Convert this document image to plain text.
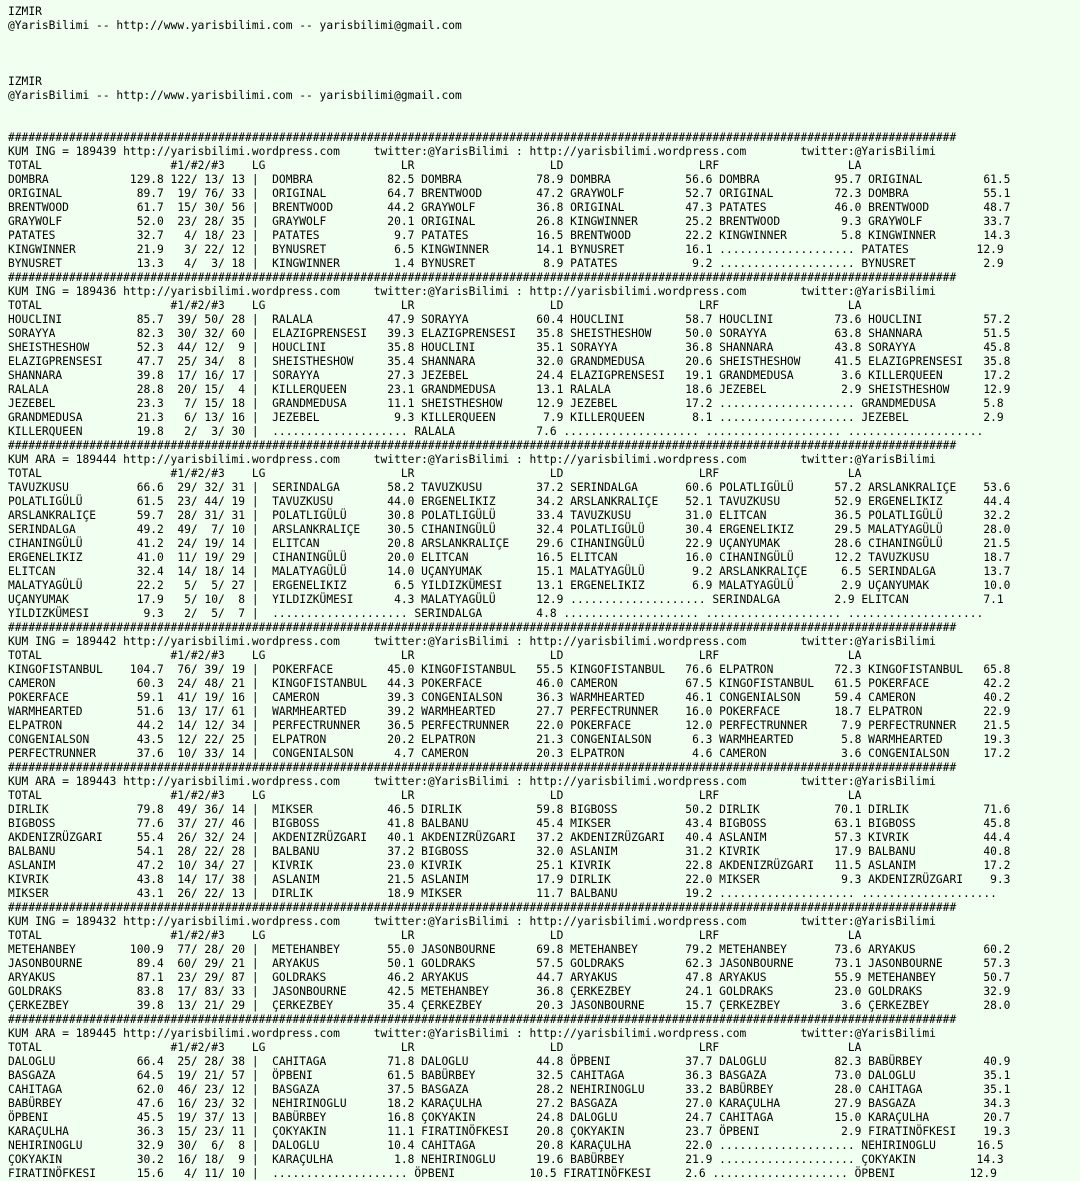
IZMIR
@YarisBilimi -- http://www.yarisbilimi.com -- yarisbilimi@gmail.com

IZMIR
@YarisBilimi -- http://www.yarisbilimi.com -- yarisbilimi@gmail.com

############################################################################################################################################
KUM ING = 189439 http://yarisbilimi.wordpress.com     twitter:@YarisBilimi : http://yarisbilimi.wordpress.com        twitter:@YarisBilimi
TOTAL                   #1/#2/#3    LG                    LR                    LD                    LRF                   LA
DOMBRA            129.8 122/ 13/ 13 |  DOMBRA           82.5 DOMBRA           78.9 DOMBRA           56.6 DOMBRA           95.7 ORIGINAL         61.5
ORIGINAL           89.7  19/ 76/ 33 |  ORIGINAL         64.7 BRENTWOOD        47.2 GRAYWOLF         52.7 ORIGINAL         72.3 DOMBRA           55.1
BRENTWOOD          61.7  15/ 30/ 56 |  BRENTWOOD        44.2 GRAYWOLF         36.8 ORIGINAL         47.3 PATATES          46.0 BRENTWOOD        48.7
GRAYWOLF           52.0  23/ 28/ 35 |  GRAYWOLF         20.1 ORIGINAL         26.8 KINGWINNER       25.2 BRENTWOOD         9.3 GRAYWOLF         33.7
PATATES            32.7   4/ 18/ 23 |  PATATES           9.7 PATATES          16.5 BRENTWOOD        22.2 KINGWINNER        5.8 KINGWINNER       14.3
KINGWINNER         21.9   3/ 22/ 12 |  BYNUSRET          6.5 KINGWINNER       14.1 BYNUSRET         16.1 .................... PATATES          12.9
BYNUSRET           13.3   4/  3/ 18 |  KINGWINNER        1.4 BYNUSRET          8.9 PATATES           9.2 .................... BYNUSRET          2.9
############################################################################################################################################
KUM ING = 189436 http://yarisbilimi.wordpress.com     twitter:@YarisBilimi : http://yarisbilimi.wordpress.com        twitter:@YarisBilimi
TOTAL                   #1/#2/#3    LG                    LR                    LD                    LRF                   LA
HOUCLINI           85.7  39/ 50/ 28 |  RALALA           47.9 SORAYYA          60.4 HOUCLINI         58.7 HOUCLINI         73.6 HOUCLINI         57.2
SORAYYA            82.3  30/ 32/ 60 |  ELAZIGPRENSESI   39.3 ELAZIGPRENSESI   35.8 SHEISTHESHOW     50.0 SORAYYA          63.8 SHANNARA         51.5
SHEISTHESHOW       52.3  44/ 12/  9 |  HOUCLINI         35.8 HOUCLINI         35.1 SORAYYA          36.8 SHANNARA         43.8 SORAYYA          45.8
ELAZIGPRENSESI     47.7  25/ 34/  8 |  SHEISTHESHOW     35.4 SHANNARA         32.0 GRANDMEDUSA      20.6 SHEISTHESHOW     41.5 ELAZIGPRENSESI   35.8
SHANNARA           39.8  17/ 16/ 17 |  SORAYYA          27.3 JEZEBEL          24.4 ELAZIGPRENSESI   19.1 GRANDMEDUSA       3.6 KILLERQUEEN      17.2
RALALA             28.8  20/ 15/  4 |  KILLERQUEEN      23.1 GRANDMEDUSA      13.1 RALALA           18.6 JEZEBEL           2.9 SHEISTHESHOW     12.9
JEZEBEL            23.3   7/ 15/ 18 |  GRANDMEDUSA      11.1 SHEISTHESHOW     12.9 JEZEBEL          17.2 .................... GRANDMEDUSA       5.8
GRANDMEDUSA        21.3   6/ 13/ 16 |  JEZEBEL           9.3 KILLERQUEEN       7.9 KILLERQUEEN       8.1 .................... JEZEBEL           2.9
KILLERQUEEN        19.8   2/  3/ 30 |  .................... RALALA            7.6 .................... .................... ....................
############################################################################################################################################
KUM ARA = 189444 http://yarisbilimi.wordpress.com     twitter:@YarisBilimi : http://yarisbilimi.wordpress.com        twitter:@YarisBilimi
TOTAL                   #1/#2/#3    LG                    LR                    LD                    LRF                   LA
TAVUZKUSU          66.6  29/ 32/ 31 |  SERINDALGA       58.2 TAVUZKUSU        37.2 SERINDALGA       60.6 POLATLIGÜLÜ      57.2 ARSLANKRALIÇE    53.6
POLATLIGÜLÜ        61.5  23/ 44/ 19 |  TAVUZKUSU        44.0 ERGENELIKIZ      34.2 ARSLANKRALIÇE    52.1 TAVUZKUSU        52.9 ERGENELIKIZ      44.4
ARSLANKRALIÇE      59.7  28/ 31/ 31 |  POLATLIGÜLÜ      30.8 POLATLIGÜLÜ      33.4 TAVUZKUSU        31.0 ELITCAN          36.5 POLATLIGÜLÜ      32.2
SERINDALGA         49.2  49/  7/ 10 |  ARSLANKRALIÇE    30.5 CIHANINGÜLÜ      32.4 POLATLIGÜLÜ      30.4 ERGENELIKIZ      29.5 MALATYAGÜLÜ      28.0
CIHANINGÜLÜ        41.2  24/ 19/ 14 |  ELITCAN          20.8 ARSLANKRALIÇE    29.6 CIHANINGÜLÜ      22.9 UÇANYUMAK        28.6 CIHANINGÜLÜ      21.5
ERGENELIKIZ        41.0  11/ 19/ 29 |  CIHANINGÜLÜ      20.0 ELITCAN          16.5 ELITCAN          16.0 CIHANINGÜLÜ      12.2 TAVUZKUSU        18.7
ELITCAN            32.4  14/ 18/ 14 |  MALATYAGÜLÜ      14.0 UÇANYUMAK        15.1 MALATYAGÜLÜ       9.2 ARSLANKRALIÇE     6.5 SERINDALGA       13.7
MALATYAGÜLÜ        22.2   5/  5/ 27 |  ERGENELIKIZ       6.5 YILDIZKÜMESI     13.1 ERGENELIKIZ       6.9 MALATYAGÜLÜ       2.9 UÇANYUMAK        10.0
UÇANYUMAK          17.9   5/ 10/  8 |  YILDIZKÜMESI      4.3 MALATYAGÜLÜ      12.9 .................... SERINDALGA        2.9 ELITCAN           7.1
YILDIZKÜMESI        9.3   2/  5/  7 |  .................... SERINDALGA        4.8 .................... .................... ....................
############################################################################################################################################
KUM ING = 189442 http://yarisbilimi.wordpress.com     twitter:@YarisBilimi : http://yarisbilimi.wordpress.com        twitter:@YarisBilimi
TOTAL                   #1/#2/#3    LG                    LR                    LD                    LRF                   LA
KINGOFISTANBUL    104.7  76/ 39/ 19 |  POKERFACE        45.0 KINGOFISTANBUL   55.5 KINGOFISTANBUL   76.6 ELPATRON         72.3 KINGOFISTANBUL   65.8
CAMERON            60.3  24/ 48/ 21 |  KINGOFISTANBUL   44.3 POKERFACE        46.0 CAMERON          67.5 KINGOFISTANBUL   61.5 POKERFACE        42.2
POKERFACE          59.1  41/ 19/ 16 |  CAMERON          39.3 CONGENIALSON     36.3 WARMHEARTED      46.1 CONGENIALSON     59.4 CAMERON          40.2
WARMHEARTED        51.6  13/ 17/ 61 |  WARMHEARTED      39.2 WARMHEARTED      27.7 PERFECTRUNNER    16.0 POKERFACE        18.7 ELPATRON         22.9
ELPATRON           44.2  14/ 12/ 34 |  PERFECTRUNNER    36.5 PERFECTRUNNER    22.0 POKERFACE        12.0 PERFECTRUNNER     7.9 PERFECTRUNNER    21.5
CONGENIALSON       43.5  12/ 22/ 25 |  ELPATRON         20.2 ELPATRON         21.3 CONGENIALSON      6.3 WARMHEARTED       5.8 WARMHEARTED      19.3
PERFECTRUNNER      37.6  10/ 33/ 14 |  CONGENIALSON      4.7 CAMERON          20.3 ELPATRON          4.6 CAMERON           3.6 CONGENIALSON     17.2
############################################################################################################################################
KUM ARA = 189443 http://yarisbilimi.wordpress.com     twitter:@YarisBilimi : http://yarisbilimi.wordpress.com        twitter:@YarisBilimi
TOTAL                   #1/#2/#3    LG                    LR                    LD                    LRF                   LA
DIRLIK             79.8  49/ 36/ 14 |  MIKSER           46.5 DIRLIK           59.8 BIGBOSS          50.2 DIRLIK           70.1 DIRLIK           71.6
BIGBOSS            77.6  37/ 27/ 46 |  BIGBOSS          41.8 BALBANU          45.4 MIKSER           43.4 BIGBOSS          63.1 BIGBOSS          45.8
AKDENIZRÜZGARI     55.4  26/ 32/ 24 |  AKDENIZRÜZGARI   40.1 AKDENIZRÜZGARI   37.2 AKDENIZRÜZGARI   40.4 ASLANIM          57.3 KIVRIK           44.4
BALBANU            54.1  28/ 22/ 28 |  BALBANU          37.2 BIGBOSS          32.0 ASLANIM          31.2 KIVRIK           17.9 BALBANU          40.8
ASLANIM            47.2  10/ 34/ 27 |  KIVRIK           23.0 KIVRIK           25.1 KIVRIK           22.8 AKDENIZRÜZGARI   11.5 ASLANIM          17.2
KIVRIK             43.8  14/ 17/ 38 |  ASLANIM          21.5 ASLANIM          17.9 DIRLIK           22.0 MIKSER            9.3 AKDENIZRÜZGARI    9.3
MIKSER             43.1  26/ 22/ 13 |  DIRLIK           18.9 MIKSER           11.7 BALBANU          19.2 .................... ....................
############################################################################################################################################
KUM ING = 189432 http://yarisbilimi.wordpress.com     twitter:@YarisBilimi : http://yarisbilimi.wordpress.com        twitter:@YarisBilimi
TOTAL                   #1/#2/#3    LG                    LR                    LD                    LRF                   LA
METEHANBEY        100.9  77/ 28/ 20 |  METEHANBEY       55.0 JASONBOURNE      69.8 METEHANBEY       79.2 METEHANBEY       73.6 ARYAKUS          60.2
JASONBOURNE        89.4  60/ 29/ 21 |  ARYAKUS          50.1 GOLDRAKS         57.5 GOLDRAKS         62.3 JASONBOURNE      73.1 JASONBOURNE      57.3
ARYAKUS            87.1  23/ 29/ 87 |  GOLDRAKS         46.2 ARYAKUS          44.7 ARYAKUS          47.8 ARYAKUS          55.9 METEHANBEY       50.7
GOLDRAKS           83.8  17/ 83/ 33 |  JASONBOURNE      42.5 METEHANBEY       36.8 ÇERKEZBEY        24.1 GOLDRAKS         23.0 GOLDRAKS         32.9
ÇERKEZBEY          39.8  13/ 21/ 29 |  ÇERKEZBEY        35.4 ÇERKEZBEY        20.3 JASONBOURNE      15.7 ÇERKEZBEY         3.6 ÇERKEZBEY        28.0
############################################################################################################################################
KUM ARA = 189445 http://yarisbilimi.wordpress.com     twitter:@YarisBilimi : http://yarisbilimi.wordpress.com        twitter:@YarisBilimi
TOTAL                   #1/#2/#3    LG                    LR                    LD                    LRF                   LA
DALOGLU            66.4  25/ 28/ 38 |  CAHITAGA         71.8 DALOGLU          44.8 ÖPBENI           37.7 DALOGLU          82.3 BABÜRBEY         40.9
BASGAZA            64.5  19/ 21/ 57 |  ÖPBENI           61.5 BABÜRBEY         32.5 CAHITAGA         36.3 BASGAZA          73.0 DALOGLU          35.1
CAHITAGA           62.0  46/ 23/ 12 |  BASGAZA          37.5 BASGAZA          28.2 NEHIRINOGLU      33.2 BABÜRBEY         28.0 CAHITAGA         35.1
BABÜRBEY           47.6  16/ 23/ 32 |  NEHIRINOGLU      18.2 KARAÇULHA        27.2 BASGAZA          27.0 KARAÇULHA        27.9 BASGAZA          34.3
ÖPBENI             45.5  19/ 37/ 13 |  BABÜRBEY         16.8 ÇOKYAKIN         24.8 DALOGLU          24.7 CAHITAGA         15.0 KARAÇULHA        20.7
KARAÇULHA          36.3  15/ 23/ 11 |  ÇOKYAKIN         11.1 FIRATINÖFKESI    20.8 ÇOKYAKIN         23.7 ÖPBENI            2.9 FIRATINÖFKESI    19.3
NEHIRINOGLU        32.9  30/  6/  8 |  DALOGLU          10.4 CAHITAGA         20.8 KARAÇULHA        22.0 .................... NEHIRINOGLU      16.5
ÇOKYAKIN           30.2  16/ 18/  9 |  KARAÇULHA         1.8 NEHIRINOGLU      19.6 BABÜRBEY         21.9 .................... ÇOKYAKIN         14.3
FIRATINÖFKESI      15.6   4/ 11/ 10 |  .................... ÖPBENI           10.5 FIRATINÖFKESI     2.6 .................... ÖPBENI           12.9
